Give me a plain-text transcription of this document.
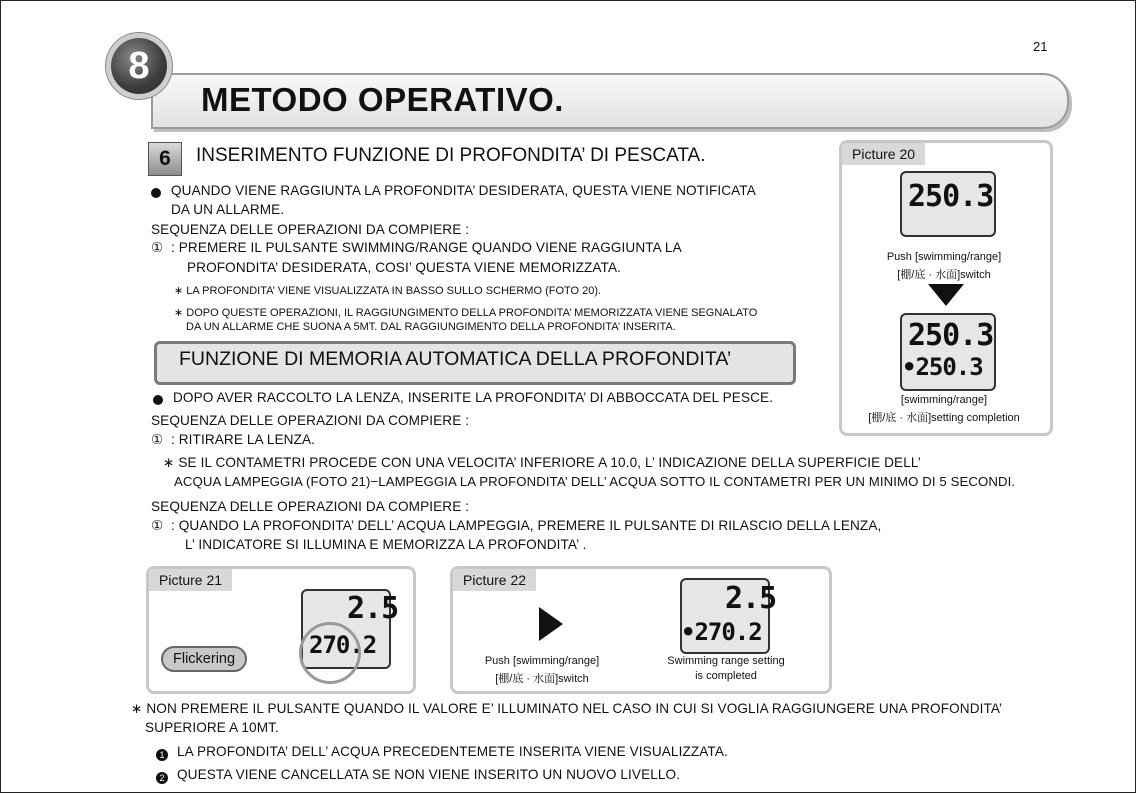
21
8
METODO OPERATIVO.
6	INSERIMENTO FUNZIONE DI PROFONDITA’ DI PESCATA.
QUANDO VIENE RAGGIUNTA LA PROFONDITA’ DESIDERATA, QUESTA VIENE NOTIFICATA
DA UN ALLARME.
SEQUENZA DELLE OPERAZIONI DA COMPIERE :
① : PREMERE IL PULSANTE SWIMMING/RANGE QUANDO VIENE RAGGIUNTA LA
PROFONDITA’ DESIDERATA, COSI’ QUESTA VIENE MEMORIZZATA.
∗ LA PROFONDITA’ VIENE VISUALIZZATA IN BASSO SULLO SCHERMO (FOTO 20).
∗ DOPO QUESTE OPERAZIONI, IL RAGGIUNGIMENTO DELLA PROFONDITA’ MEMORIZZATA VIENE SEGNALATO
DA UN ALLARME CHE SUONA A 5MT. DAL RAGGIUNGIMENTO DELLA PROFONDITA’ INSERITA.
FUNZIONE DI MEMORIA AUTOMATICA DELLA PROFONDITA’
DOPO AVER RACCOLTO LA LENZA, INSERITE LA PROFONDITA’ DI ABBOCCATA DEL PESCE.
SEQUENZA DELLE OPERAZIONI DA COMPIERE :
① : RITIRARE LA LENZA.
∗ SE IL CONTAMETRI PROCEDE CON UNA VELOCITA’ INFERIORE A 10.0, L’ INDICAZIONE DELLA SUPERFICIE DELL’
ACQUA LAMPEGGIA (FOTO 21)−LAMPEGGIA LA PROFONDITA’ DELL’ ACQUA SOTTO IL CONTAMETRI PER UN MINIMO DI 5 SECONDI.
SEQUENZA DELLE OPERAZIONI DA COMPIERE :
① : QUANDO LA PROFONDITA’ DELL’ ACQUA LAMPEGGIA, PREMERE IL PULSANTE DI RILASCIO DELLA LENZA,
L’ INDICATORE SI ILLUMINA E MEMORIZZA LA PROFONDITA’ .
Picture 20
250.3
Push [swimming/range]
[棚/底 · 水面]switch
250.3
•250.3
[swimming/range]
[棚/底 · 水面]setting completion
Picture 21
2.5
270.2
Flickering
Picture 22
Push [swimming/range]
[棚/底 · 水面]switch
2.5
•270.2
Swimming range setting
is completed
∗ NON PREMERE IL PULSANTE QUANDO IL VALORE E’ ILLUMINATO NEL CASO IN CUI SI VOGLIA RAGGIUNGERE UNA PROFONDITA’
SUPERIORE A 10MT.
1 LA PROFONDITA’ DELL’ ACQUA PRECEDENTEMETE INSERITA VIENE VISUALIZZATA.
2 QUESTA VIENE CANCELLATA SE NON VIENE INSERITO UN NUOVO LIVELLO.
